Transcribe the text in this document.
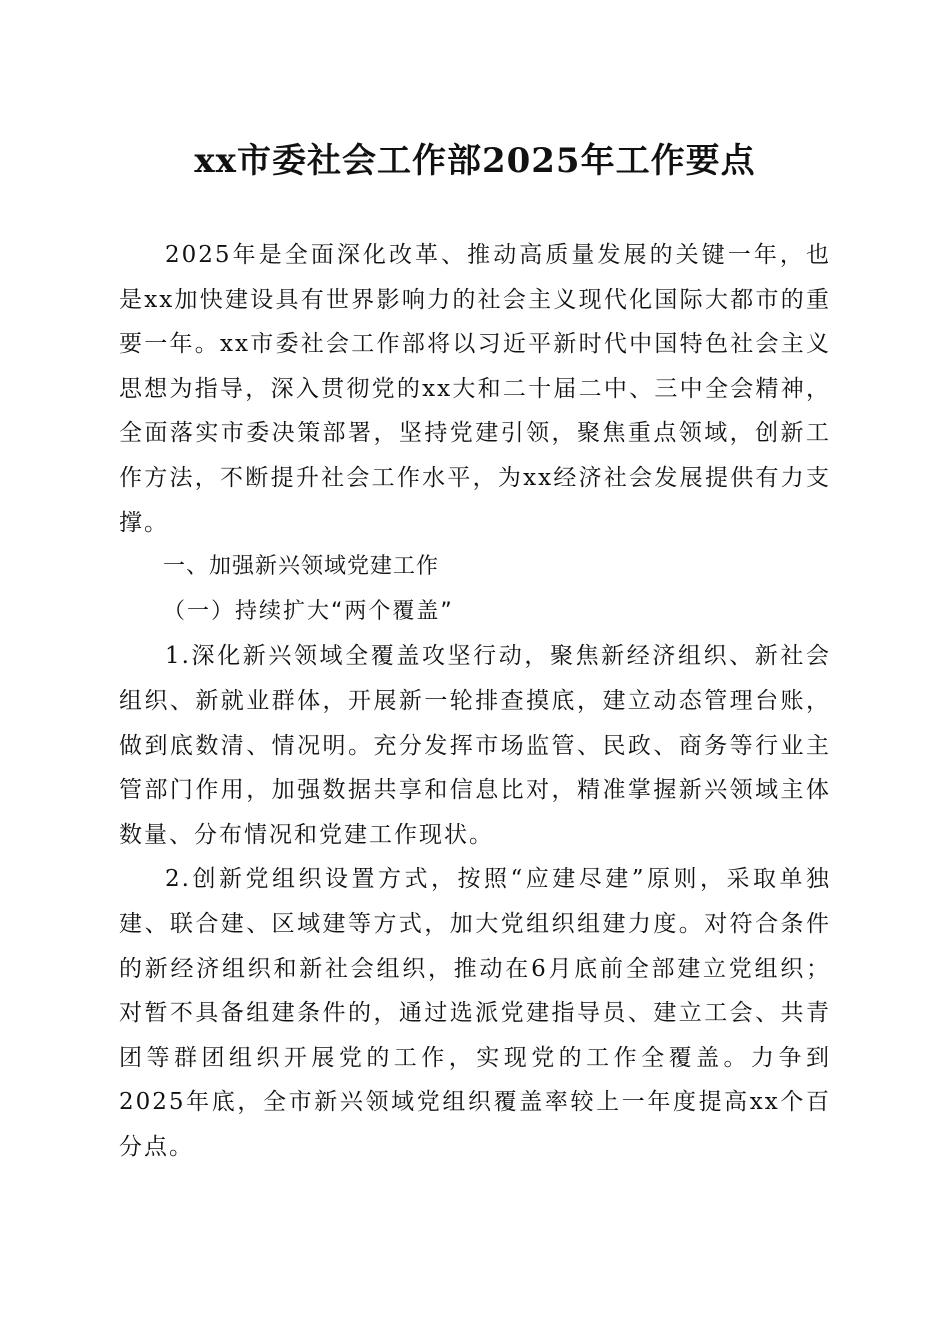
xx市委社会工作部2025年工作要点

2025年是全面深化改革、推动高质量发展的关键一年，也是xx加快建设具有世界影响力的社会主义现代化国际大都市的重要一年。xx市委社会工作部将以习近平新时代中国特色社会主义思想为指导，深入贯彻党的xx大和二十届二中、三中全会精神，全面落实市委决策部署，坚持党建引领，聚焦重点领域，创新工作方法，不断提升社会工作水平，为xx经济社会发展提供有力支撑。

一、加强新兴领域党建工作

（一）持续扩大“两个覆盖”

1.深化新兴领域全覆盖攻坚行动，聚焦新经济组织、新社会组织、新就业群体，开展新一轮排查摸底，建立动态管理台账，做到底数清、情况明。充分发挥市场监管、民政、商务等行业主管部门作用，加强数据共享和信息比对，精准掌握新兴领域主体数量、分布情况和党建工作现状。

2.创新党组织设置方式，按照“应建尽建”原则，采取单独建、联合建、区域建等方式，加大党组织组建力度。对符合条件的新经济组织和新社会组织，推动在6月底前全部建立党组织；对暂不具备组建条件的，通过选派党建指导员、建立工会、共青团等群团组织开展党的工作，实现党的工作全覆盖。力争到2025年底，全市新兴领域党组织覆盖率较上一年度提高xx个百分点。
